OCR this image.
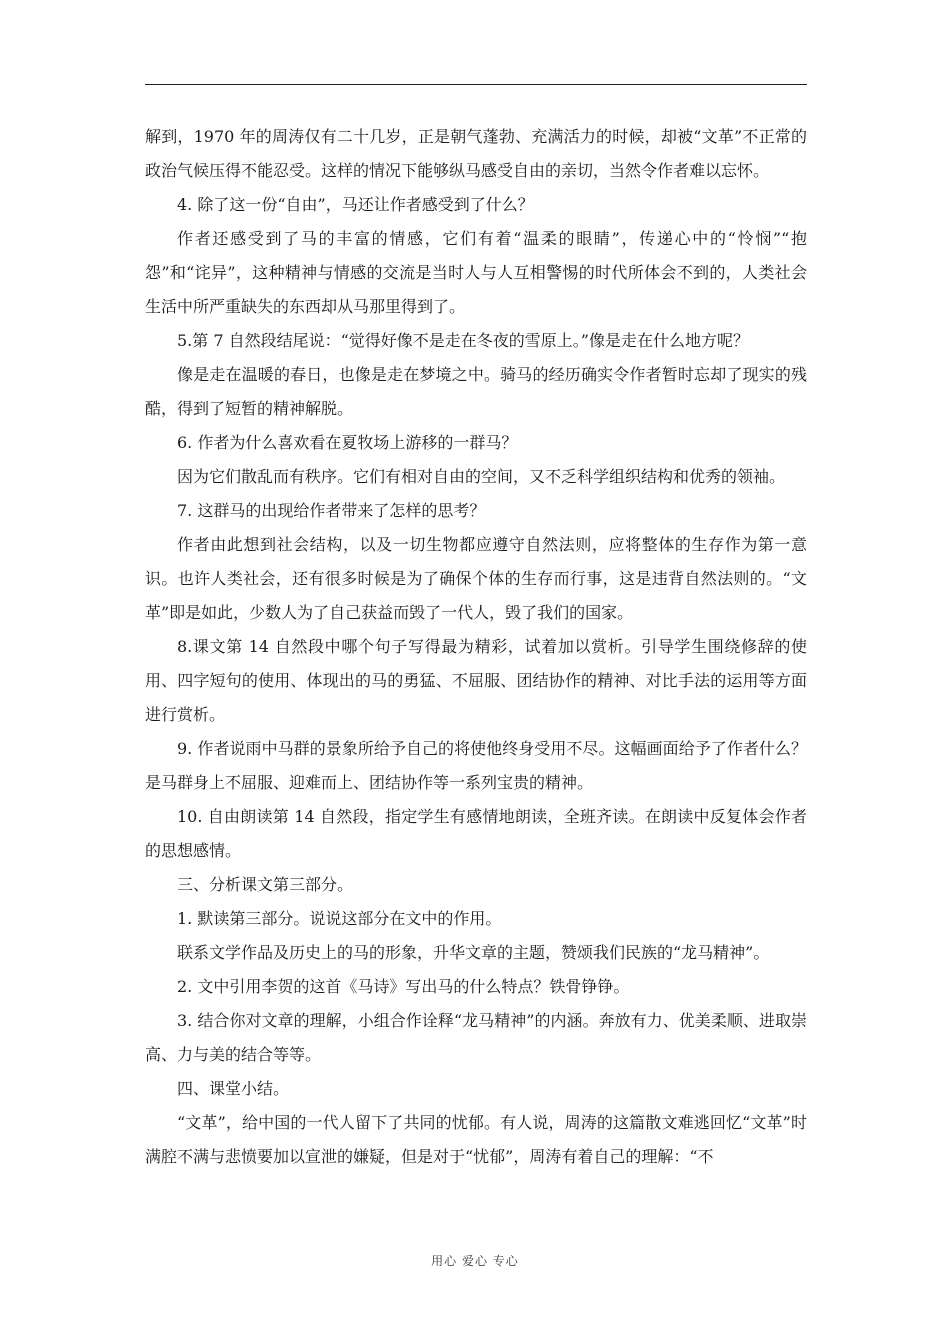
解到，1970 年的周涛仅有二十几岁，正是朝气蓬勃、充满活力的时候，却被“文革”不正常的政治气候压得不能忍受。这样的情况下能够纵马感受自由的亲切，当然令作者难以忘怀。

4. 除了这一份“自由”，马还让作者感受到了什么？

作者还感受到了马的丰富的情感，它们有着“温柔的眼睛”，传递心中的“怜悯”“抱怨”和“诧异”，这种精神与情感的交流是当时人与人互相警惕的时代所体会不到的，人类社会生活中所严重缺失的东西却从马那里得到了。

5.第 7 自然段结尾说：“觉得好像不是走在冬夜的雪原上。”像是走在什么地方呢？

像是走在温暖的春日，也像是走在梦境之中。骑马的经历确实令作者暂时忘却了现实的残酷，得到了短暂的精神解脱。

6. 作者为什么喜欢看在夏牧场上游移的一群马？

因为它们散乱而有秩序。它们有相对自由的空间，又不乏科学组织结构和优秀的领袖。

7. 这群马的出现给作者带来了怎样的思考？

作者由此想到社会结构，以及一切生物都应遵守自然法则，应将整体的生存作为第一意识。也许人类社会，还有很多时候是为了确保个体的生存而行事，这是违背自然法则的。“文革”即是如此，少数人为了自己获益而毁了一代人，毁了我们的国家。

8.课文第 14 自然段中哪个句子写得最为精彩，试着加以赏析。引导学生围绕修辞的使用、四字短句的使用、体现出的马的勇猛、不屈服、团结协作的精神、对比手法的运用等方面进行赏析。

9. 作者说雨中马群的景象所给予自己的将使他终身受用不尽。这幅画面给予了作者什么？是马群身上不屈服、迎难而上、团结协作等一系列宝贵的精神。

10. 自由朗读第 14 自然段，指定学生有感情地朗读，全班齐读。在朗读中反复体会作者的思想感情。

三、分析课文第三部分。

1. 默读第三部分。说说这部分在文中的作用。

联系文学作品及历史上的马的形象，升华文章的主题，赞颂我们民族的“龙马精神”。

2. 文中引用李贺的这首《马诗》写出马的什么特点？铁骨铮铮。

3. 结合你对文章的理解，小组合作诠释“龙马精神”的内涵。奔放有力、优美柔顺、进取崇高、力与美的结合等等。

四、课堂小结。

“文革”，给中国的一代人留下了共同的忧郁。有人说，周涛的这篇散文难逃回忆“文革”时满腔不满与悲愤要加以宣泄的嫌疑，但是对于“忧郁”，周涛有着自己的理解：“不

用心 爱心 专心
